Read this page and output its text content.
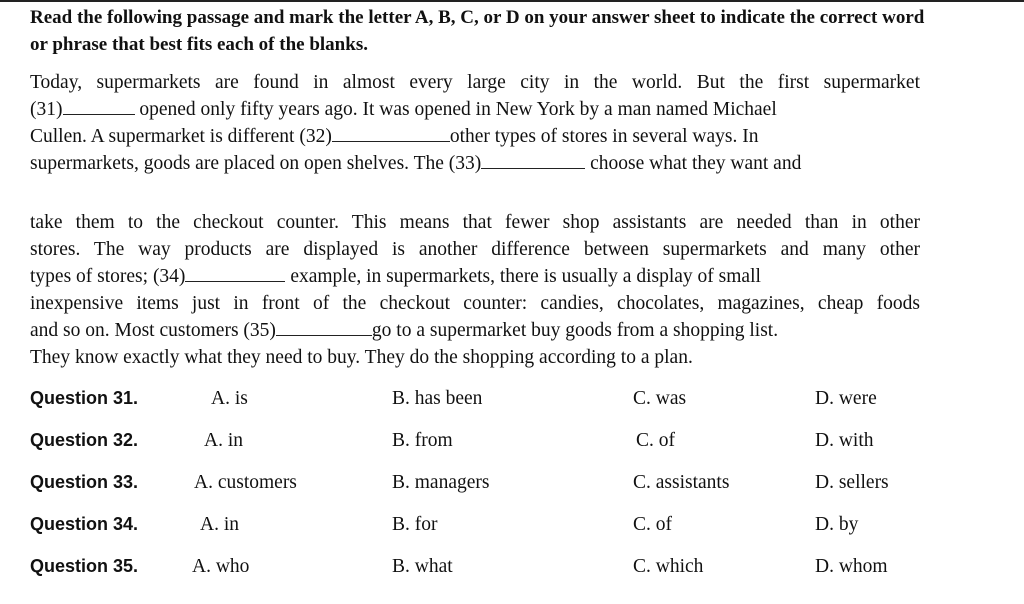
Read the following passage and mark the letter A, B, C, or D on your answer sheet to indicate the correct word or phrase that best fits each of the blanks.
Today, supermarkets are found in almost every large city in the world. But the first supermarket
(31)	opened only fifty years ago. It was opened in New York by a man named Michael
Cullen. A supermarket is different (32)	other types of stores in several ways. In
supermarkets, goods are placed on open shelves. The (33)	choose what they want and
take them to the checkout counter. This means that fewer shop assistants are needed than in other
stores. The way products are displayed is another difference between supermarkets and many other
types of stores; (34)	example, in supermarkets, there is usually a display of small
inexpensive items just in front of the checkout counter: candies, chocolates, magazines, cheap foods
and so on. Most customers (35)	go to a supermarket buy goods from a shopping list.
They know exactly what they need to buy. They do the shopping according to a plan.
Question 31.	A. is	B. has been	C. was	D. were
Question 32.	A. in	B. from	C. of	D. with
Question 33.	A. customers	B. managers	C. assistants	D. sellers
Question 34.	A. in	B. for	C. of	D. by
Question 35.	A. who	B. what	C. which	D. whom
